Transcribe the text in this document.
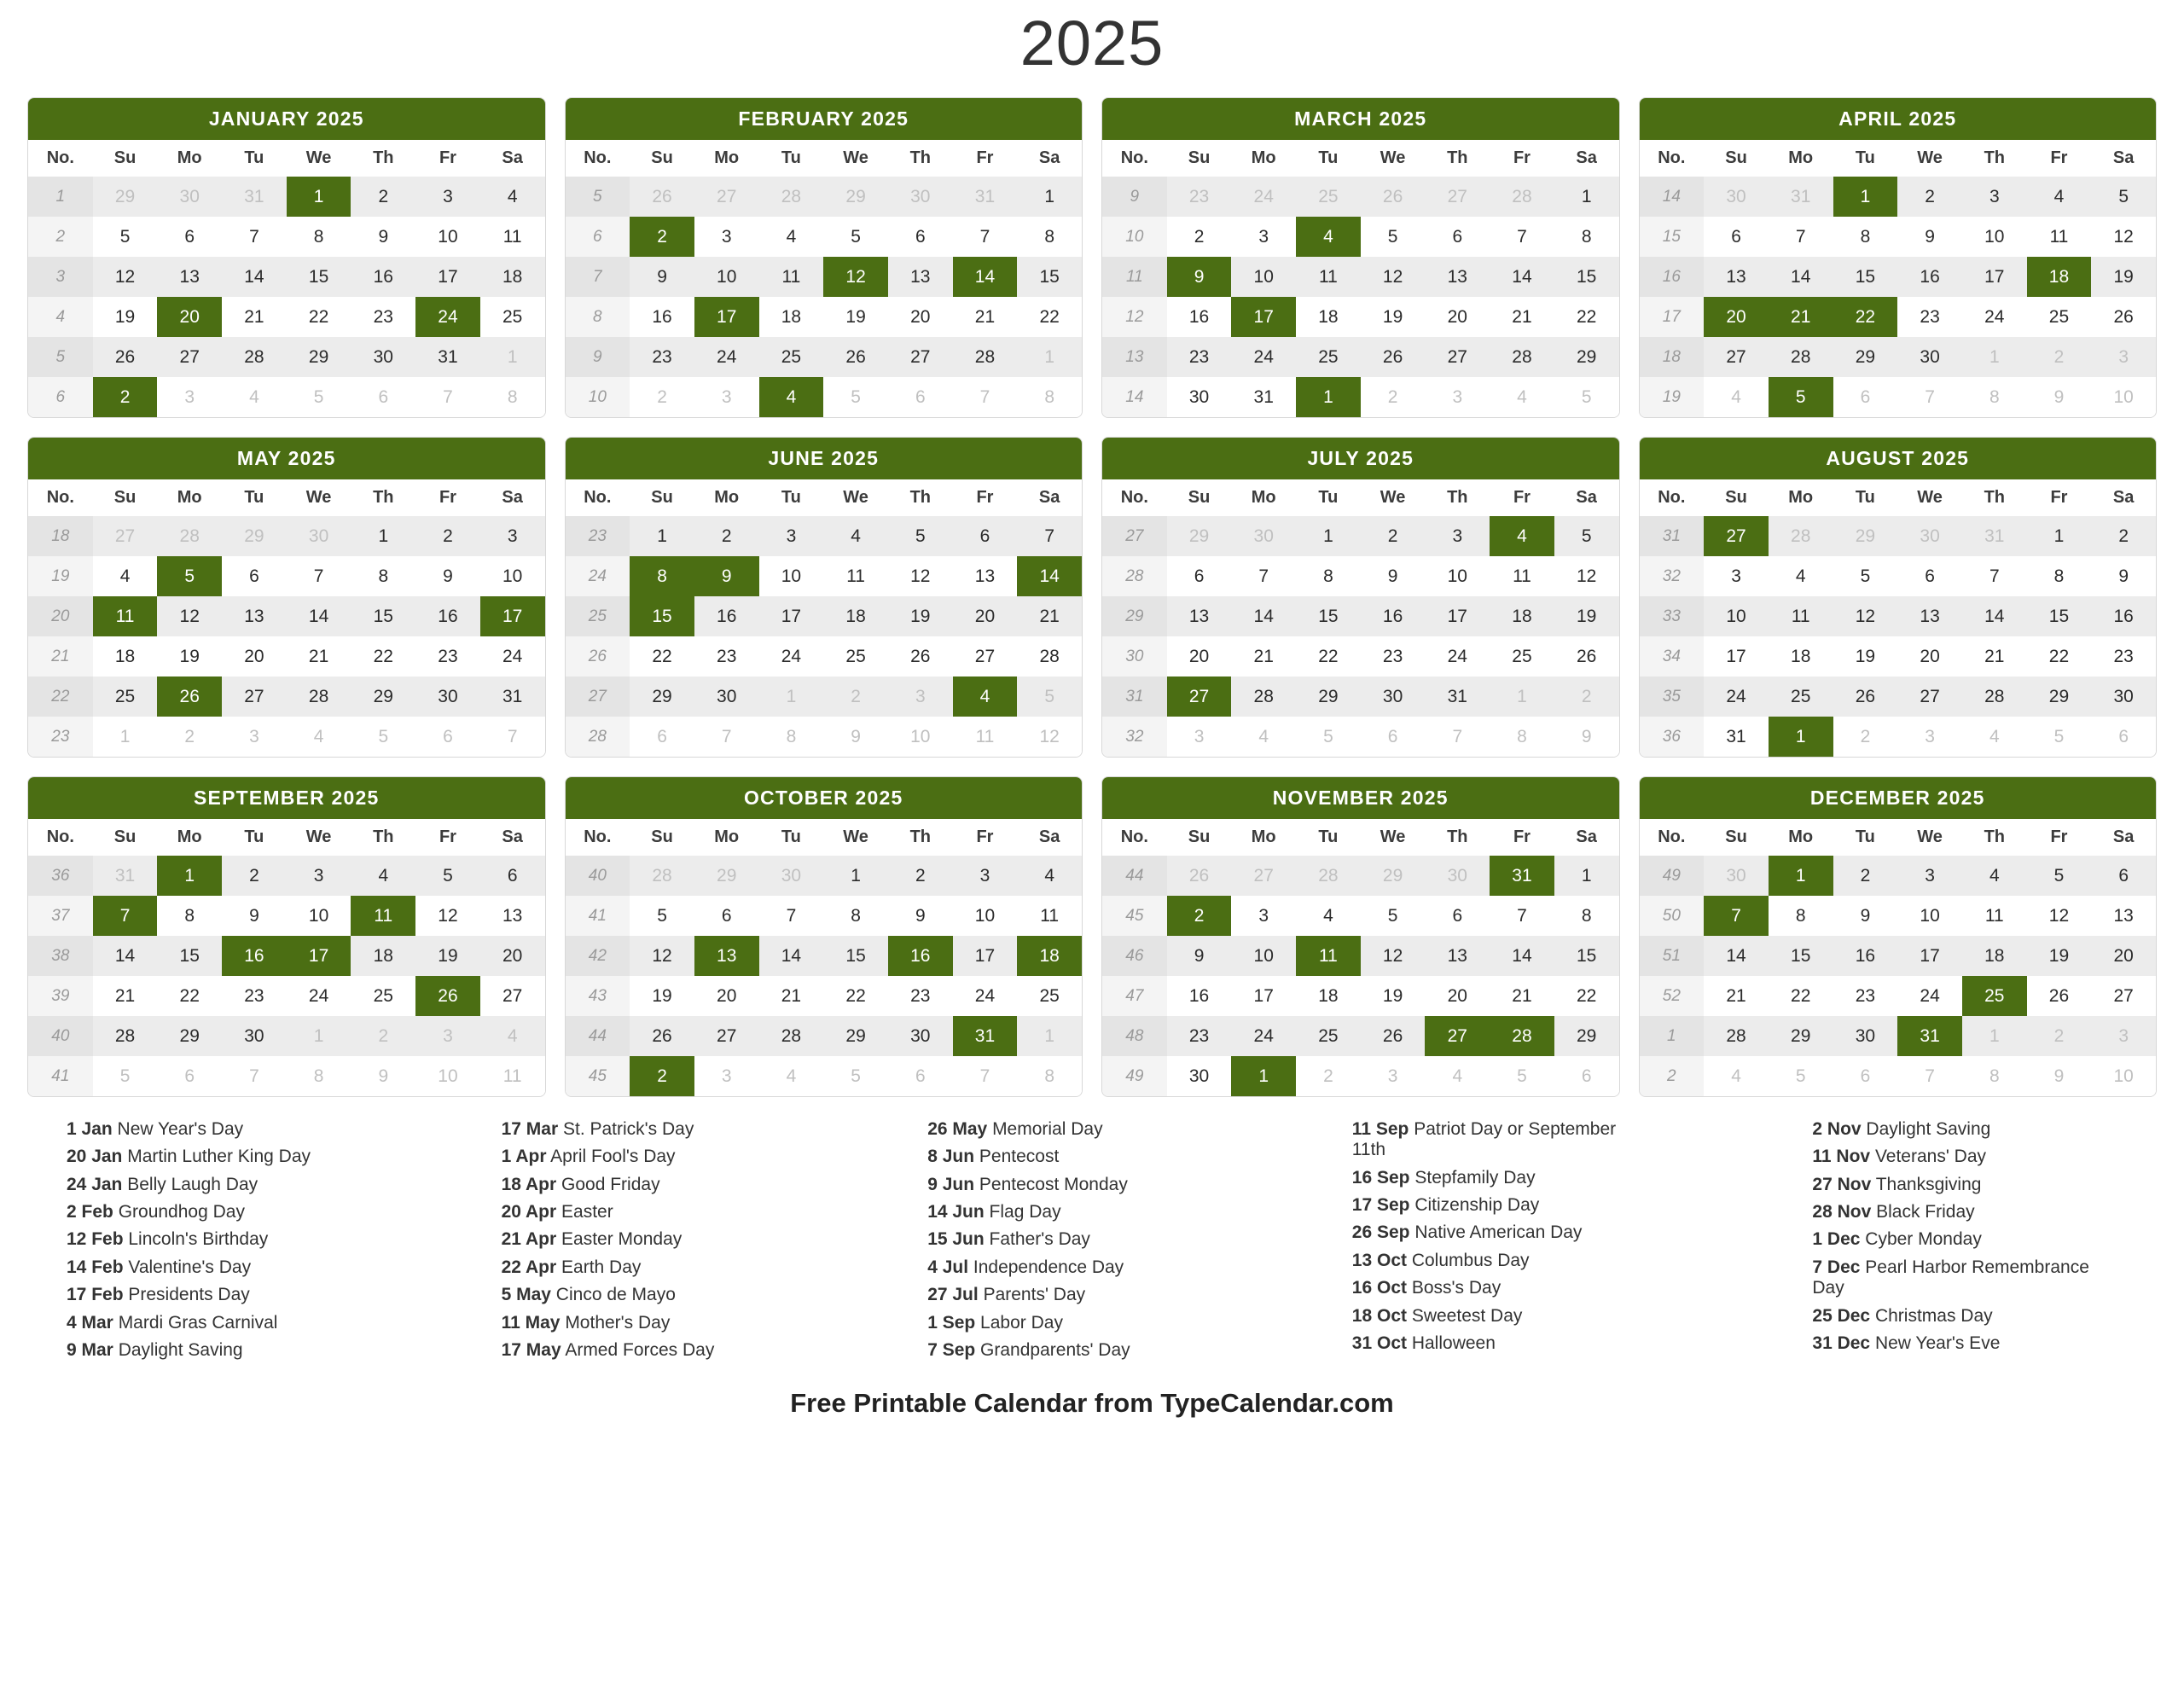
2025
JANUARY 2025
No.	Su	Mo	Tu	We	Th	Fr	Sa
1	29	30	31	1	2	3	4

2	5	6	7	8	9	10	11

3	12	13	14	15	16	17	18

4	19	20	21	22	23	24	25

5	26	27	28	29	30	31	1

6	2	3	4	5	6	7	8
FEBRUARY 2025
No.	Su	Mo	Tu	We	Th	Fr	Sa
5	26	27	28	29	30	31	1

6	2	3	4	5	6	7	8

7	9	10	11	12	13	14	15

8	16	17	18	19	20	21	22

9	23	24	25	26	27	28	1

10	2	3	4	5	6	7	8
MARCH 2025
No.	Su	Mo	Tu	We	Th	Fr	Sa
9	23	24	25	26	27	28	1

10	2	3	4	5	6	7	8

11	9	10	11	12	13	14	15

12	16	17	18	19	20	21	22

13	23	24	25	26	27	28	29

14	30	31	1	2	3	4	5
APRIL 2025
No.	Su	Mo	Tu	We	Th	Fr	Sa
14	30	31	1	2	3	4	5

15	6	7	8	9	10	11	12

16	13	14	15	16	17	18	19

17	20	21	22	23	24	25	26

18	27	28	29	30	1	2	3

19	4	5	6	7	8	9	10
MAY 2025
No.	Su	Mo	Tu	We	Th	Fr	Sa
18	27	28	29	30	1	2	3

19	4	5	6	7	8	9	10

20	11	12	13	14	15	16	17

21	18	19	20	21	22	23	24

22	25	26	27	28	29	30	31

23	1	2	3	4	5	6	7
JUNE 2025
No.	Su	Mo	Tu	We	Th	Fr	Sa
23	1	2	3	4	5	6	7

24	8	9	10	11	12	13	14

25	15	16	17	18	19	20	21

26	22	23	24	25	26	27	28

27	29	30	1	2	3	4	5

28	6	7	8	9	10	11	12
JULY 2025
No.	Su	Mo	Tu	We	Th	Fr	Sa
27	29	30	1	2	3	4	5

28	6	7	8	9	10	11	12

29	13	14	15	16	17	18	19

30	20	21	22	23	24	25	26

31	27	28	29	30	31	1	2

32	3	4	5	6	7	8	9
AUGUST 2025
No.	Su	Mo	Tu	We	Th	Fr	Sa
31	27	28	29	30	31	1	2

32	3	4	5	6	7	8	9

33	10	11	12	13	14	15	16

34	17	18	19	20	21	22	23

35	24	25	26	27	28	29	30

36	31	1	2	3	4	5	6
SEPTEMBER 2025
No.	Su	Mo	Tu	We	Th	Fr	Sa
36	31	1	2	3	4	5	6

37	7	8	9	10	11	12	13

38	14	15	16	17	18	19	20

39	21	22	23	24	25	26	27

40	28	29	30	1	2	3	4

41	5	6	7	8	9	10	11
OCTOBER 2025
No.	Su	Mo	Tu	We	Th	Fr	Sa
40	28	29	30	1	2	3	4

41	5	6	7	8	9	10	11

42	12	13	14	15	16	17	18

43	19	20	21	22	23	24	25

44	26	27	28	29	30	31	1

45	2	3	4	5	6	7	8
NOVEMBER 2025
No.	Su	Mo	Tu	We	Th	Fr	Sa
44	26	27	28	29	30	31	1

45	2	3	4	5	6	7	8

46	9	10	11	12	13	14	15

47	16	17	18	19	20	21	22

48	23	24	25	26	27	28	29

49	30	1	2	3	4	5	6
DECEMBER 2025
No.	Su	Mo	Tu	We	Th	Fr	Sa
49	30	1	2	3	4	5	6

50	7	8	9	10	11	12	13

51	14	15	16	17	18	19	20

52	21	22	23	24	25	26	27

1	28	29	30	31	1	2	3

2	4	5	6	7	8	9	10
1 Jan New Year's Day
20 Jan Martin Luther King Day
24 Jan Belly Laugh Day
2 Feb Groundhog Day
12 Feb Lincoln's Birthday
14 Feb Valentine's Day
17 Feb Presidents Day
4 Mar Mardi Gras Carnival
9 Mar Daylight Saving
17 Mar St. Patrick's Day
1 Apr April Fool's Day
18 Apr Good Friday
20 Apr Easter
21 Apr Easter Monday
22 Apr Earth Day
5 May Cinco de Mayo
11 May Mother's Day
17 May Armed Forces Day
26 May Memorial Day
8 Jun Pentecost
9 Jun Pentecost Monday
14 Jun Flag Day
15 Jun Father's Day
4 Jul Independence Day
27 Jul Parents' Day
1 Sep Labor Day
7 Sep Grandparents' Day
11 Sep Patriot Day or September 11th
16 Sep Stepfamily Day
17 Sep Citizenship Day
26 Sep Native American Day
13 Oct Columbus Day
16 Oct Boss's Day
18 Oct Sweetest Day
31 Oct Halloween
2 Nov Daylight Saving
11 Nov Veterans' Day
27 Nov Thanksgiving
28 Nov Black Friday
1 Dec Cyber Monday
7 Dec Pearl Harbor Remembrance Day
25 Dec Christmas Day
31 Dec New Year's Eve
Free Printable Calendar from TypeCalendar.com
